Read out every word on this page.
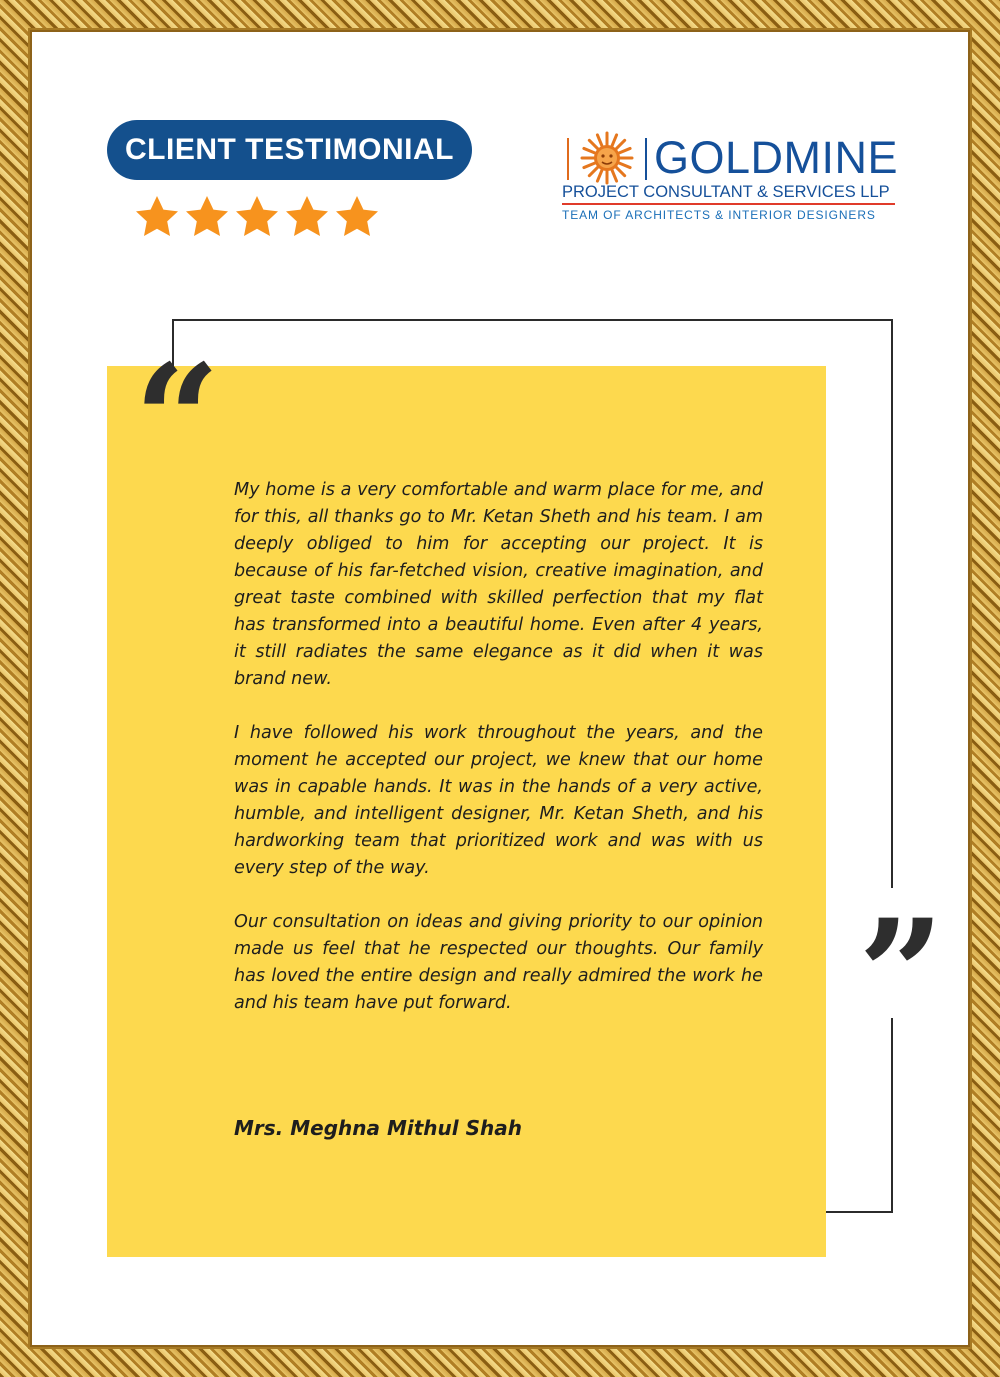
CLIENT TESTIMONIAL	GOLDMINE
PROJECT CONSULTANT & SERVICES LLP
TEAM OF ARCHITECTS & INTERIOR DESIGNERS
“
”

My home is a very comfortable and warm place for me, and for this, all thanks go to Mr. Ketan Sheth and his team. I am deeply obliged to him for accepting our project. It is because of his far-fetched vision, creative imagination, and great taste combined with skilled perfection that my flat has transformed into a beautiful home. Even after 4 years, it still radiates the same elegance as it did when it was brand new.

I have followed his work throughout the years, and the moment he accepted our project, we knew that our home was in capable hands. It was in the hands of a very active, humble, and intelligent designer, Mr. Ketan Sheth, and his hardworking team that prioritized work and was with us every step of the way.

Our consultation on ideas and giving priority to our opinion made us feel that he respected our thoughts. Our family has loved the entire design and really admired the work he and his team have put forward.

Mrs. Meghna Mithul Shah
